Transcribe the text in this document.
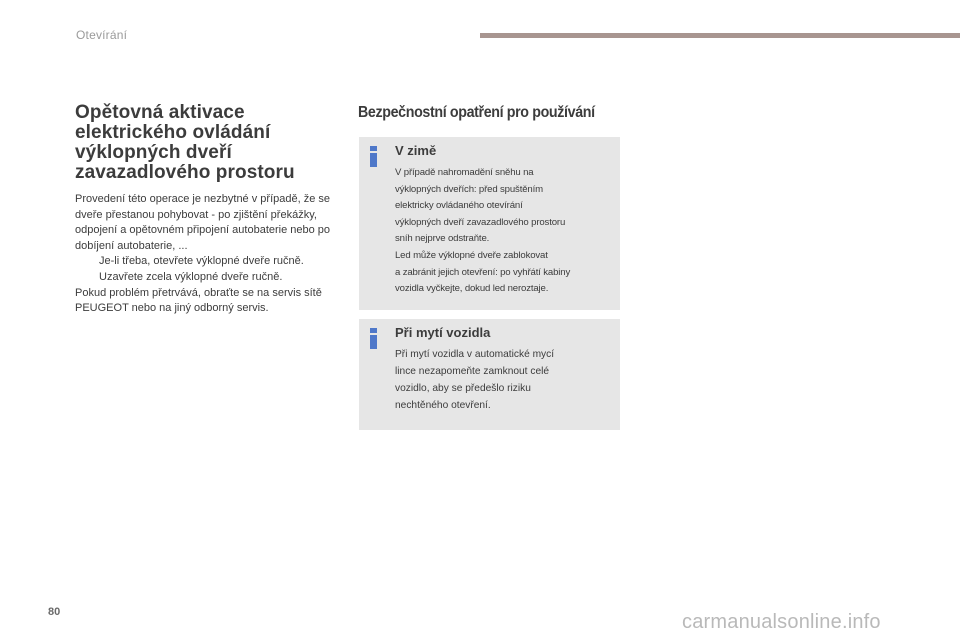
Otevírání
Opětovná aktivace
elektrického ovládání
výklopných dveří
zavazadlového prostoru

Provedení této operace je nezbytné v případě, že se dveře přestanou pohybovat - po zjištění překážky, odpojení a opětovném připojení autobaterie nebo po dobíjení autobaterie, ...

Je-li třeba, otevřete výklopné dveře ručně.
Uzavřete zcela výklopné dveře ručně.

Pokud problém přetrvává, obraťte se na servis sítě PEUGEOT nebo na jiný odborný servis.

Bezpečnostní opatření pro používání
V zimě

V případě nahromadění sněhu na

výklopných dveřích: před spuštěním

elektricky ovládaného otevírání

výklopných dveří zavazadlového prostoru

sníh nejprve odstraňte.

Led může výklopné dveře zablokovat

a zabránit jejich otevření: po vyhřátí kabiny

vozidla vyčkejte, dokud led neroztaje.

Při mytí vozidla

Při mytí vozidla v automatické mycí

lince nezapomeňte zamknout celé

vozidlo, aby se předešlo riziku

nechtěného otevření.

80	carmanualsonline.info
